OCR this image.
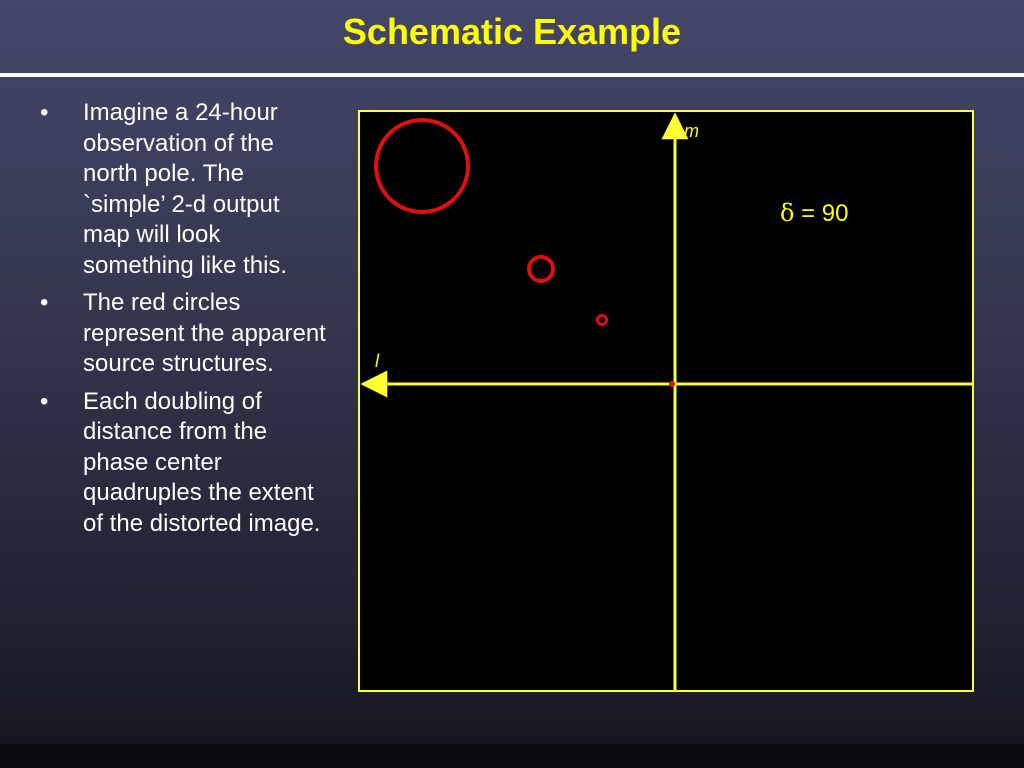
Schematic Example
• Imagine a 24-hour observation of the north pole. The `simple’ 2-d output map will look something like this.
• The red circles represent the apparent source structures.
• Each doubling of distance from the phase center quadruples the extent of the distorted image.
m
l
δ = 90
